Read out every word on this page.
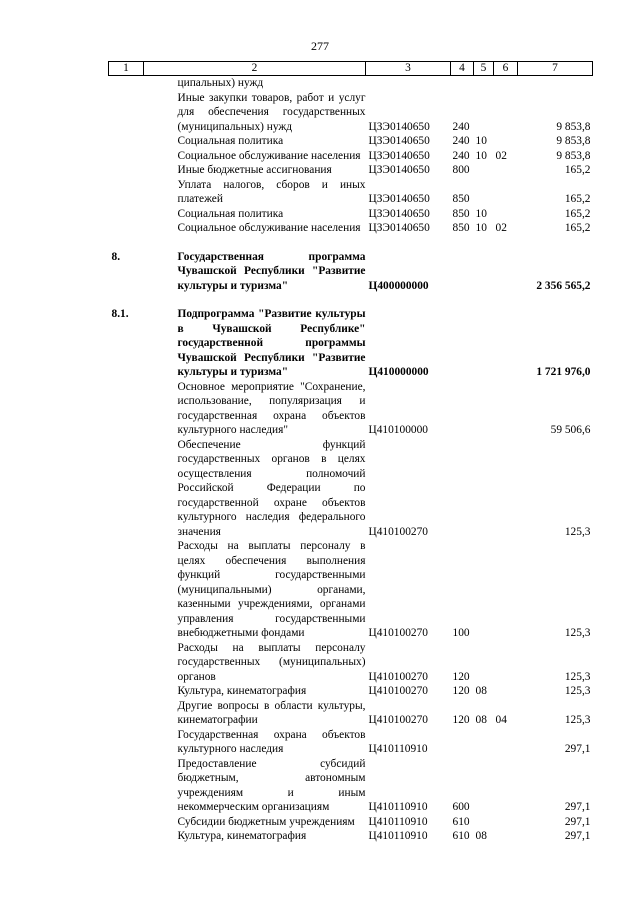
277
1	2	3	4	5	6	7
	ципальных) нужд					
	Иные закупки товаров, работ и услуг для обеспечения государственных (муниципальных) нужд	ЦЗЭ0140650	240			9 853,8
	Социальная политика	ЦЗЭ0140650	240	10		9 853,8
	Социальное обслуживание населения	ЦЗЭ0140650	240	10	02	9 853,8
	Иные бюджетные ассигнования	ЦЗЭ0140650	800			165,2
	Уплата налогов, сборов и иных платежей	ЦЗЭ0140650	850			165,2
	Социальная политика	ЦЗЭ0140650	850	10		165,2
	Социальное обслуживание населения	ЦЗЭ0140650	850	10	02	165,2
8.	Государственная программа Чувашской Республики "Развитие культуры и туризма"	Ц400000000				2 356 565,2
8.1.	Подпрограмма "Развитие культуры в Чувашской Республике" государственной программы Чувашской Республики "Развитие культуры и туризма"	Ц410000000				1 721 976,0
	Основное мероприятие "Сохранение, использование, популяризация и государственная охрана объектов культурного наследия"	Ц410100000				59 506,6
	Обеспечение функций государственных органов в целях осуществления полномочий Российской Федерации по государственной охране объектов культурного наследия федерального значения	Ц410100270				125,3
	Расходы на выплаты персоналу в целях обеспечения выполнения функций государственными (муниципальными) органами, казенными учреждениями, органами управления государственными внебюджетными фондами	Ц410100270	100			125,3
	Расходы на выплаты персоналу государственных (муниципальных) органов	Ц410100270	120			125,3
	Культура, кинематография	Ц410100270	120	08		125,3
	Другие вопросы в области культуры, кинематографии	Ц410100270	120	08	04	125,3
	Государственная охрана объектов культурного наследия	Ц410110910				297,1
	Предоставление субсидий бюджетным, автономным учреждениям и иным некоммерческим организациям	Ц410110910	600			297,1
	Субсидии бюджетным учреждениям	Ц410110910	610			297,1
	Культура, кинематография	Ц410110910	610	08		297,1
